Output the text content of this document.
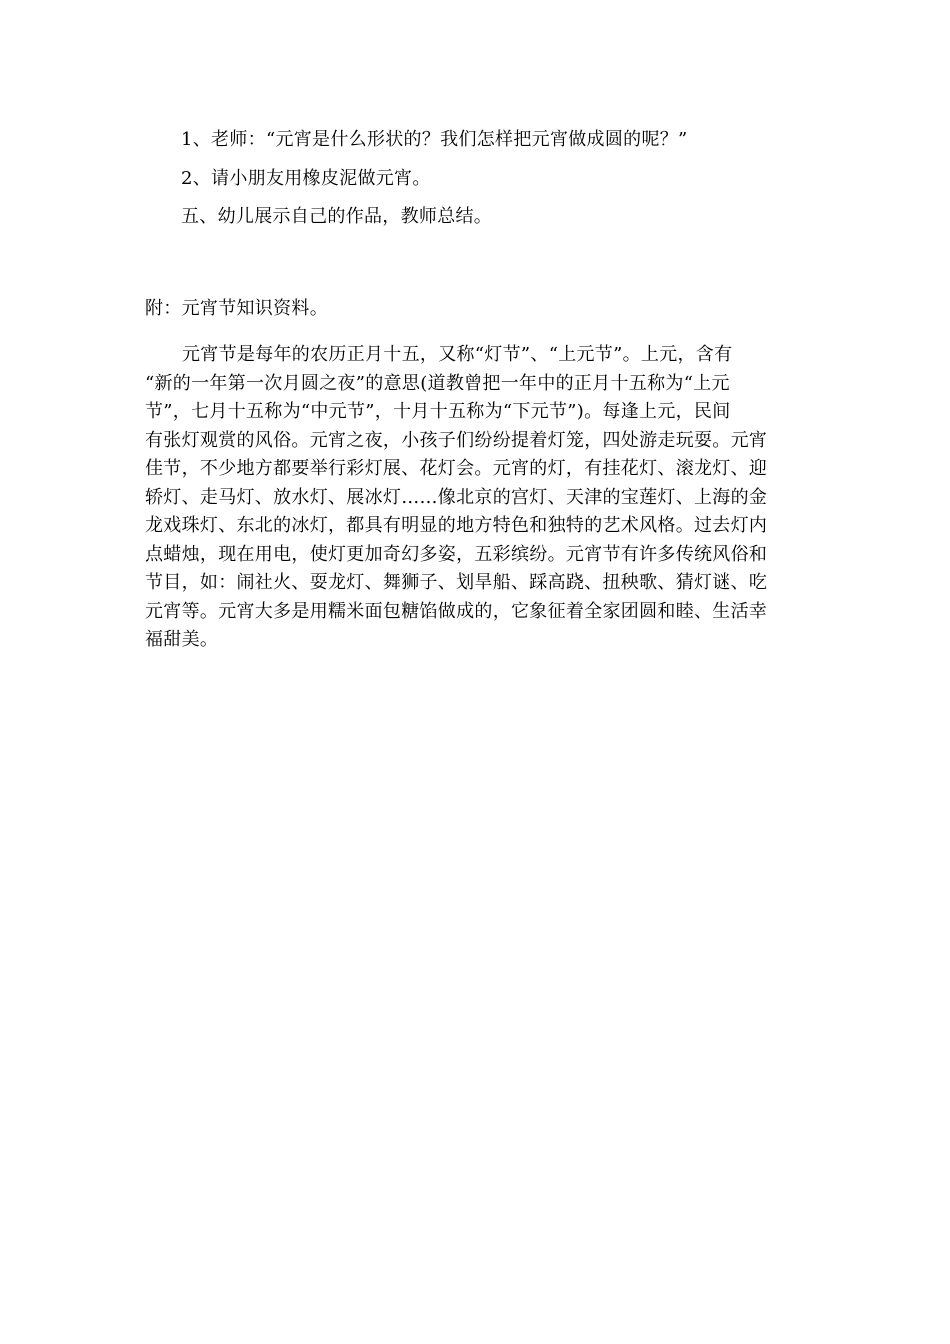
1、老师：“元宵是什么形状的？我们怎样把元宵做成圆的呢？”
2、请小朋友用橡皮泥做元宵。
五、幼儿展示自己的作品，教师总结。
附：元宵节知识资料。
元宵节是每年的农历正月十五，又称“灯节”、“上元节”。上元，含有
“新的一年第一次月圆之夜”的意思(道教曾把一年中的正月十五称为“上元
节”，七月十五称为“中元节”，十月十五称为“下元节”)。每逢上元，民间
有张灯观赏的风俗。元宵之夜，小孩子们纷纷提着灯笼，四处游走玩耍。元宵
佳节，不少地方都要举行彩灯展、花灯会。元宵的灯，有挂花灯、滚龙灯、迎
轿灯、走马灯、放水灯、展冰灯……像北京的宫灯、天津的宝莲灯、上海的金
龙戏珠灯、东北的冰灯，都具有明显的地方特色和独特的艺术风格。过去灯内
点蜡烛，现在用电，使灯更加奇幻多姿，五彩缤纷。元宵节有许多传统风俗和
节目，如：闹社火、耍龙灯、舞狮子、划旱船、踩高跷、扭秧歌、猜灯谜、吃
元宵等。元宵大多是用糯米面包糖馅做成的，它象征着全家团圆和睦、生活幸
福甜美。
